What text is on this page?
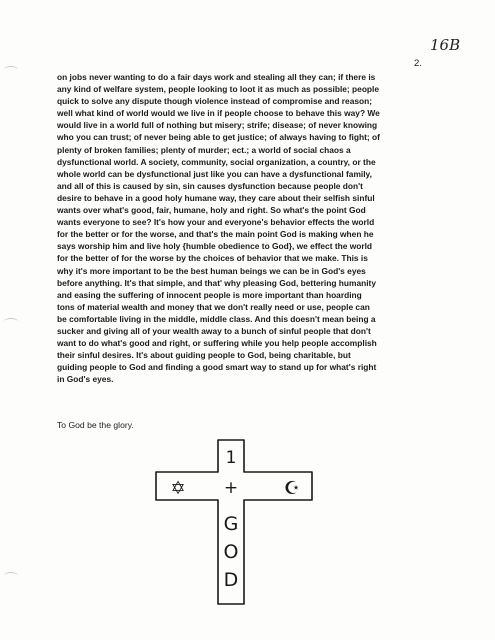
16B
2.
on jobs never wanting to do a fair days work and stealing all they can; if there is
any kind of welfare system, people looking to loot it as much as possible; people
quick to solve any dispute though violence instead of compromise and reason;
well what kind of world would we live in if people choose to behave this way? We
would live in a world full of nothing but misery; strife; disease; of never knowing
who you can trust; of never being able to get justice; of always having to fight; of
plenty of broken families; plenty of murder; ect.; a world of social chaos a
dysfunctional world. A society, community, social organization, a country, or the
whole world can be dysfunctional just like you can have a dysfunctional family,
and all of this is caused by sin, sin causes dysfunction because people don't
desire to behave in a good holy humane way, they care about their selfish sinful
wants over what's good, fair, humane, holy and right. So what's the point God
wants everyone to see? It's how your and everyone's behavior effects the world
for the better or for the worse, and that's the main point God is making when he
says worship him and live holy {humble obedience to God}, we effect the world
for the better of for the worse by the choices of behavior that we make. This is
why it's more important to be the best human beings we can be in God's eyes
before anything. It's that simple, and that' why pleasing God, bettering humanity
and easing the suffering of innocent people is more important than hoarding
tons of material wealth and money that we don't really need or use, people can
be comfortable living in the middle, middle class. And this doesn't mean being a
sucker and giving all of your wealth away to a bunch of sinful people that don't
want to do what's good and right, or suffering while you help people accomplish
their sinful desires. It's about guiding people to God, being charitable, but
guiding people to God and finding a good smart way to stand up for what's right
in God's eyes.
To God be the glory.
1
+
✡	☪
G
O
D
